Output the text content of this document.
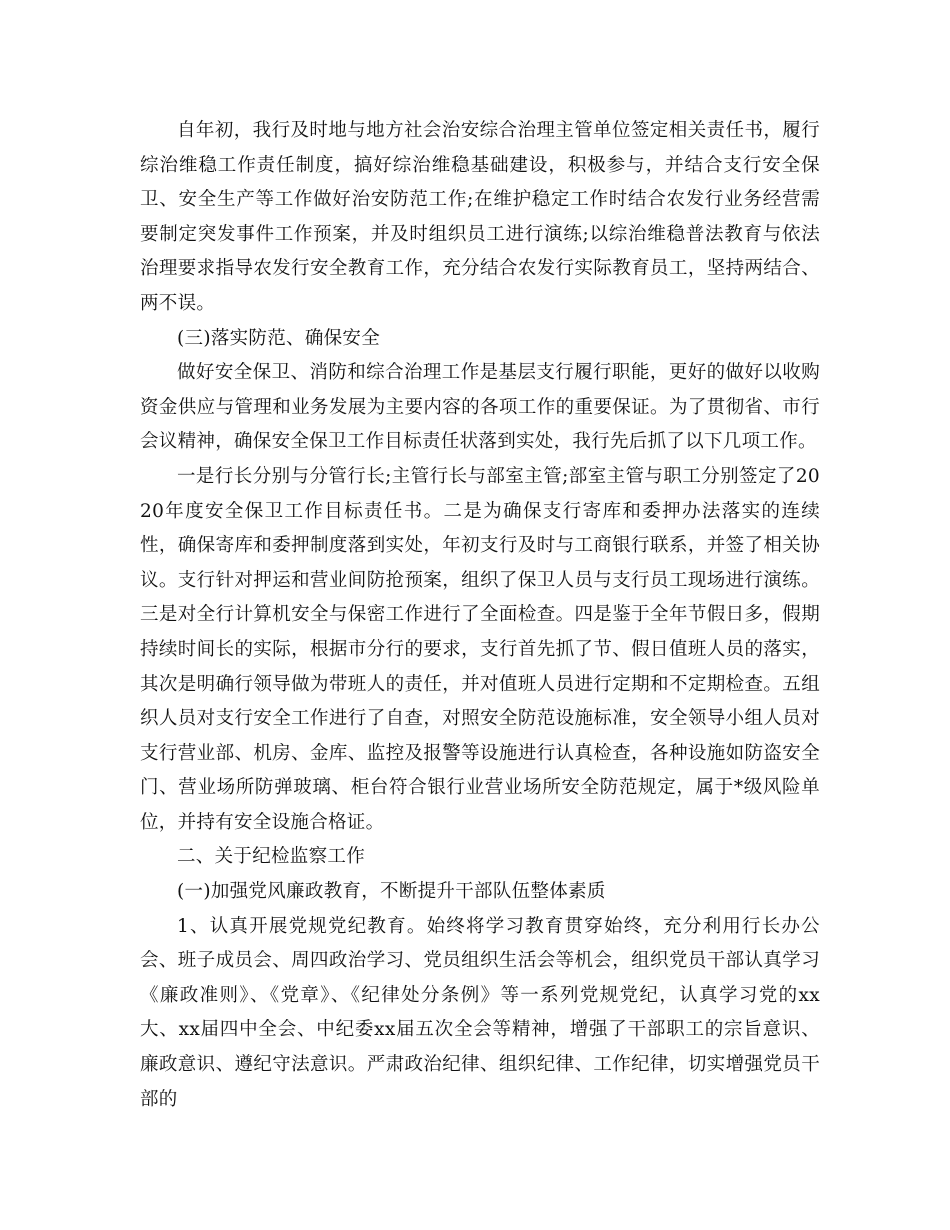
自年初，我行及时地与地方社会治安综合治理主管单位签定相关责任书，履行综治维稳工作责任制度，搞好综治维稳基础建设，积极参与，并结合支行安全保卫、安全生产等工作做好治安防范工作;在维护稳定工作时结合农发行业务经营需要制定突发事件工作预案，并及时组织员工进行演练;以综治维稳普法教育与依法治理要求指导农发行安全教育工作，充分结合农发行实际教育员工，坚持两结合、两不误。

(三)落实防范、确保安全

做好安全保卫、消防和综合治理工作是基层支行履行职能，更好的做好以收购资金供应与管理和业务发展为主要内容的各项工作的重要保证。为了贯彻省、市行会议精神，确保安全保卫工作目标责任状落到实处，我行先后抓了以下几项工作。

一是行长分别与分管行长;主管行长与部室主管;部室主管与职工分别签定了2020年度安全保卫工作目标责任书。二是为确保支行寄库和委押办法落实的连续性，确保寄库和委押制度落到实处，年初支行及时与工商银行联系，并签了相关协议。支行针对押运和营业间防抢预案，组织了保卫人员与支行员工现场进行演练。三是对全行计算机安全与保密工作进行了全面检查。四是鉴于全年节假日多，假期持续时间长的实际，根据市分行的要求，支行首先抓了节、假日值班人员的落实，其次是明确行领导做为带班人的责任，并对值班人员进行定期和不定期检查。五组织人员对支行安全工作进行了自查，对照安全防范设施标准，安全领导小组人员对支行营业部、机房、金库、监控及报警等设施进行认真检查，各种设施如防盗安全门、营业场所防弹玻璃、柜台符合银行业营业场所安全防范规定，属于*级风险单位，并持有安全设施合格证。

二、关于纪检监察工作

(一)加强党风廉政教育，不断提升干部队伍整体素质

1、认真开展党规党纪教育。始终将学习教育贯穿始终，充分利用行长办公会、班子成员会、周四政治学习、党员组织生活会等机会，组织党员干部认真学习《廉政准则》、《党章》、《纪律处分条例》等一系列党规党纪，认真学习党的xx大、xx届四中全会、中纪委xx届五次全会等精神，增强了干部职工的宗旨意识、廉政意识、遵纪守法意识。严肃政治纪律、组织纪律、工作纪律，切实增强党员干部的
